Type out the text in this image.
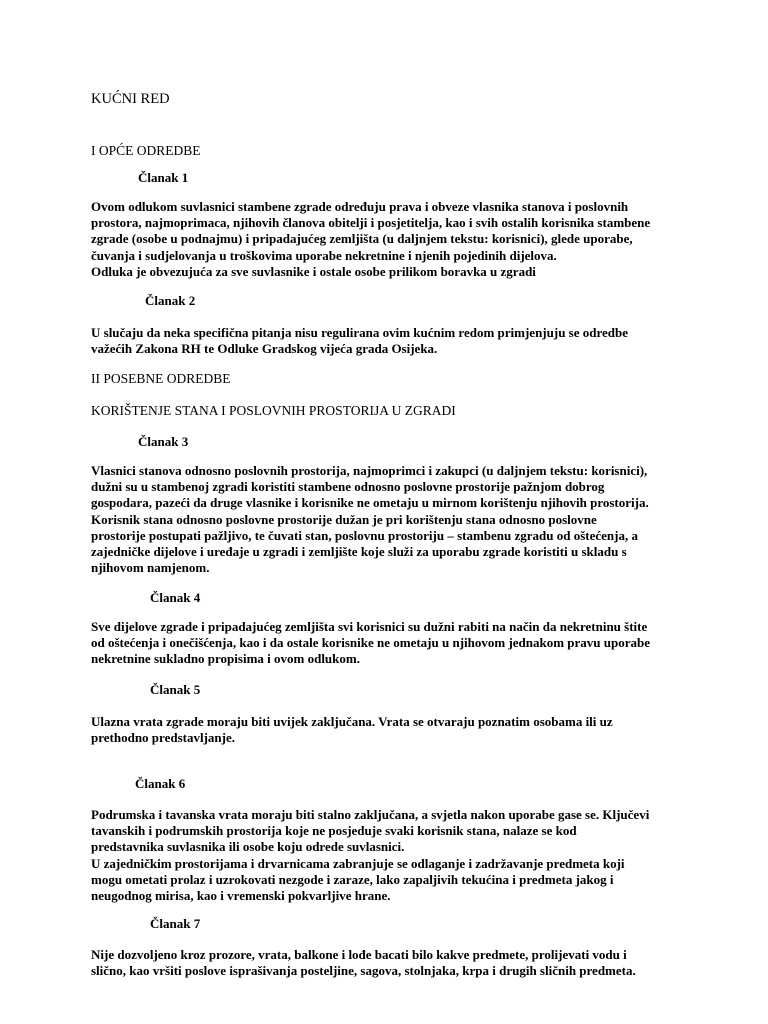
KUĆNI RED
I OPĆE ODREDBE
Članak 1
Ovom odlukom suvlasnici stambene zgrade određuju prava i obveze vlasnika stanova i poslovnih
prostora, najmoprimaca, njihovih članova obitelji i posjetitelja, kao i svih ostalih korisnika stambene
zgrade (osobe u podnajmu) i pripadajućeg zemljišta (u daljnjem tekstu: korisnici), glede uporabe,
čuvanja i sudjelovanja u troškovima uporabe nekretnine i njenih pojedinih dijelova.
Odluka je obvezujuća za sve suvlasnike i ostale osobe prilikom boravka u zgradi
Članak 2
U slučaju da neka specifična pitanja nisu regulirana ovim kućnim redom primjenjuju se odredbe
važećih Zakona RH te Odluke Gradskog vijeća grada Osijeka.
II POSEBNE ODREDBE
KORIŠTENJE STANA I POSLOVNIH PROSTORIJA U ZGRADI
Članak 3
Vlasnici stanova odnosno poslovnih prostorija, najmoprimci i zakupci (u daljnjem tekstu: korisnici),
dužni su u stambenoj zgradi koristiti stambene odnosno poslovne prostorije pažnjom dobrog
gospodara, pazeći da druge vlasnike i korisnike ne ometaju u mirnom korištenju njihovih prostorija.
Korisnik stana odnosno poslovne prostorije dužan je pri korištenju stana odnosno poslovne
prostorije postupati pažljivo, te čuvati stan, poslovnu prostoriju – stambenu zgradu od oštećenja, a
zajedničke dijelove i uređaje u zgradi i zemljište koje služi za uporabu zgrade koristiti u skladu s
njihovom namjenom.
Članak 4
Sve dijelove zgrade i pripadajućeg zemljišta svi korisnici su dužni rabiti na način da nekretninu štite
od oštećenja i onečišćenja, kao i da ostale korisnike ne ometaju u njihovom jednakom pravu uporabe
nekretnine sukladno propisima i ovom odlukom.
Članak 5
Ulazna vrata zgrade moraju biti uvijek zaključana. Vrata se otvaraju poznatim osobama ili uz
prethodno predstavljanje.
Članak 6
Podrumska i tavanska vrata moraju biti stalno zaključana, a svjetla nakon uporabe gase se. Ključevi
tavanskih i podrumskih prostorija koje ne posjeduje svaki korisnik stana, nalaze se kod
predstavnika suvlasnika ili osobe koju odrede suvlasnici.
U zajedničkim prostorijama i drvarnicama zabranjuje se odlaganje i zadržavanje predmeta koji
mogu ometati prolaz i uzrokovati nezgode i zaraze, lako zapaljivih tekućina i predmeta jakog i
neugodnog mirisa, kao i vremenski pokvarljive hrane.
Članak 7
Nije dozvoljeno kroz prozore, vrata, balkone i lođe bacati bilo kakve predmete, prolijevati vodu i
slično, kao vršiti poslove isprašivanja posteljine, sagova, stolnjaka, krpa i drugih sličnih predmeta.
